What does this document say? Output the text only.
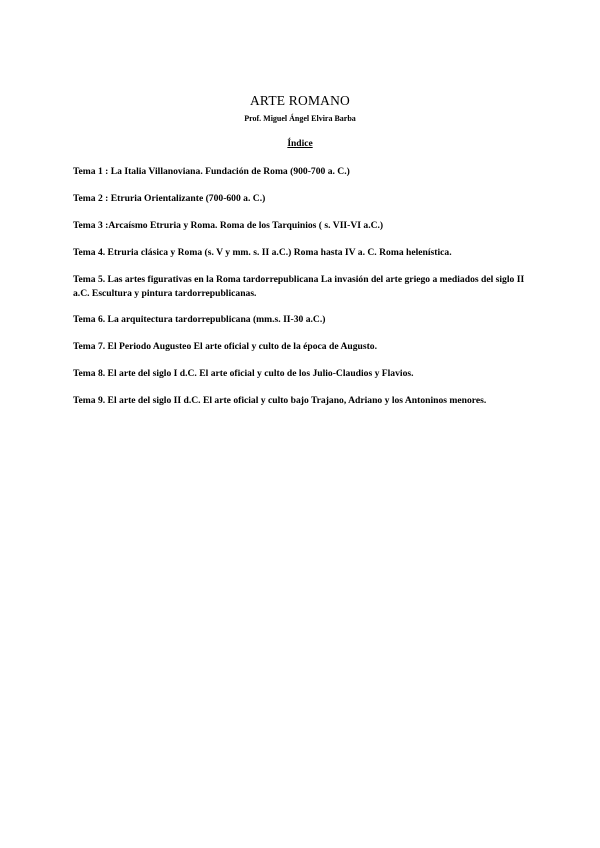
ARTE ROMANO
Prof. Miguel Ángel Elvira Barba
Índice
Tema 1 : La Italia Villanoviana. Fundación de Roma (900-700 a. C.)
Tema 2 : Etruria Orientalizante (700-600 a. C.)
Tema 3 :Arcaísmo Etruria y Roma. Roma de los Tarquinios ( s. VII-VI a.C.)
Tema 4. Etruria clásica y Roma (s. V y mm. s. II a.C.) Roma hasta IV a. C. Roma helenística.
Tema 5. Las artes figurativas en la Roma tardorrepublicana La invasión del arte griego a mediados del siglo II a.C. Escultura y pintura tardorrepublicanas.
Tema 6. La arquitectura tardorrepublicana (mm.s. II-30 a.C.)
Tema 7. El Periodo Augusteo El arte oficial y culto de la época de Augusto.
Tema 8. El arte del siglo I d.C. El arte oficial y culto de los Julio-Claudios y Flavios.
Tema 9. El arte del siglo II d.C. El arte oficial y culto bajo Trajano, Adriano y los Antoninos menores.
